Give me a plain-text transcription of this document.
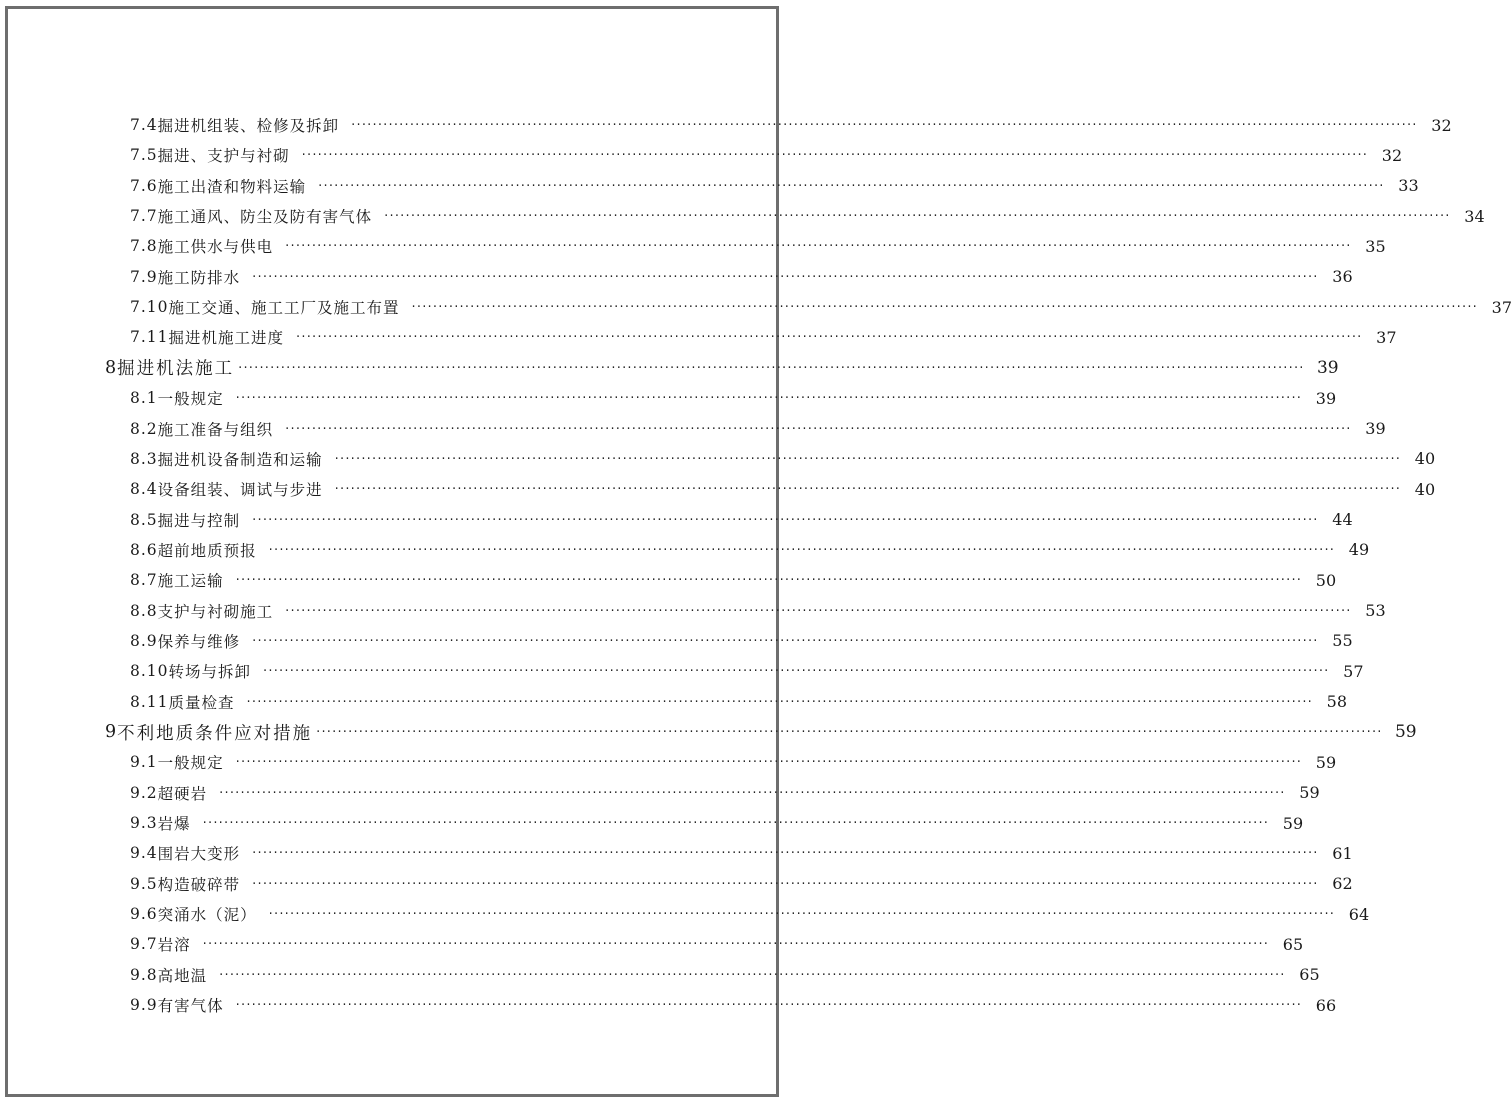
7.4 掘进机组装、检修及拆卸 ········································································································································································································ 32
7.5 掘进、支护与衬砌 ········································································································································································································ 32
7.6 施工出渣和物料运输 ········································································································································································································ 33
7.7 施工通风、防尘及防有害气体 ········································································································································································································ 34
7.8 施工供水与供电 ········································································································································································································ 35
7.9 施工防排水 ········································································································································································································ 36
7.10 施工交通、施工工厂及施工布置 ········································································································································································································ 37
7.11 掘进机施工进度 ········································································································································································································ 37
8 掘进机法施工 ········································································································································································································ 39
8.1 一般规定 ········································································································································································································ 39
8.2 施工准备与组织 ········································································································································································································ 39
8.3 掘进机设备制造和运输 ········································································································································································································ 40
8.4 设备组装、调试与步进 ········································································································································································································ 40
8.5 掘进与控制 ········································································································································································································ 44
8.6 超前地质预报 ········································································································································································································ 49
8.7 施工运输 ········································································································································································································ 50
8.8 支护与衬砌施工 ········································································································································································································ 53
8.9 保养与维修 ········································································································································································································ 55
8.10 转场与拆卸 ········································································································································································································ 57
8.11 质量检查 ········································································································································································································ 58
9 不利地质条件应对措施 ········································································································································································································ 59
9.1 一般规定 ········································································································································································································ 59
9.2 超硬岩 ········································································································································································································ 59
9.3 岩爆 ········································································································································································································ 59
9.4 围岩大变形 ········································································································································································································ 61
9.5 构造破碎带 ········································································································································································································ 62
9.6 突涌水（泥） ········································································································································································································ 64
9.7 岩溶 ········································································································································································································ 65
9.8 高地温 ········································································································································································································ 65
9.9 有害气体 ········································································································································································································ 66
